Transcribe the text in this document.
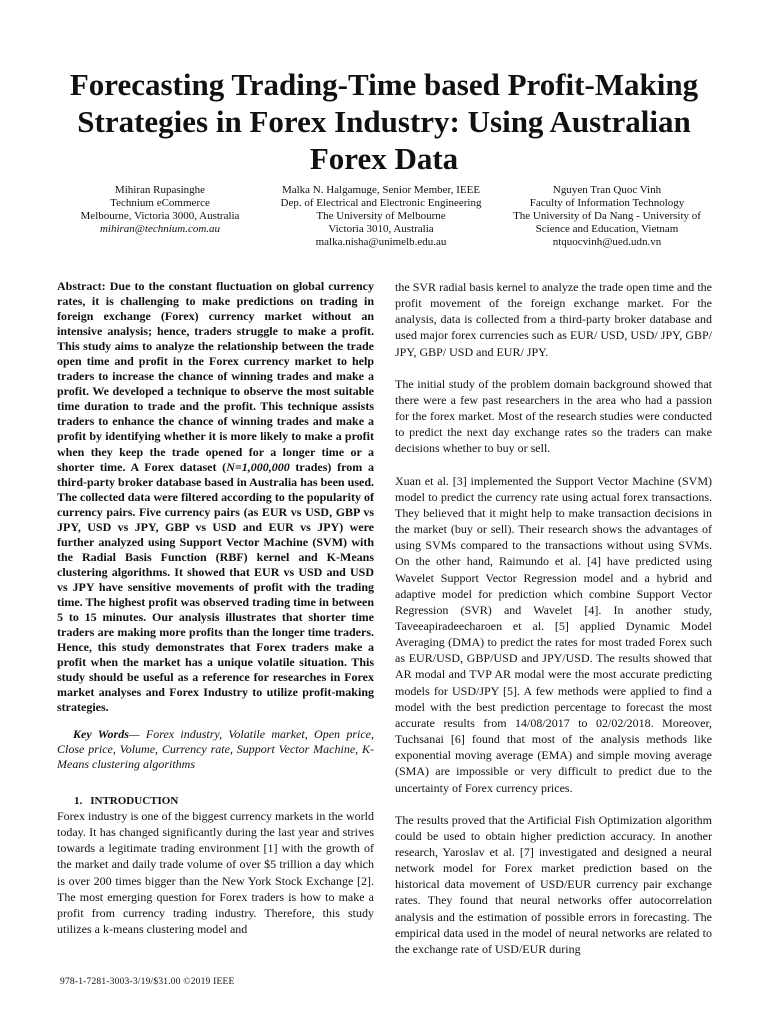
Forecasting Trading-Time based Profit-Making Strategies in Forex Industry: Using Australian Forex Data
Mihiran Rupasinghe
Technium eCommerce
Melbourne, Victoria 3000, Australia
mihiran@technium.com.au
Malka N. Halgamuge, Senior Member, IEEE
Dep. of Electrical and Electronic Engineering
The University of Melbourne
Victoria 3010, Australia
malka.nisha@unimelb.edu.au
Nguyen Tran Quoc Vinh
Faculty of Information Technology
The University of Da Nang - University of Science and Education, Vietnam
ntquocvinh@ued.udn.vn

Abstract: Due to the constant fluctuation on global currency rates, it is challenging to make predictions on trading in foreign exchange (Forex) currency market without an intensive analysis; hence, traders struggle to make a profit. This study aims to analyze the relationship between the trade open time and profit in the Forex currency market to help traders to increase the chance of winning trades and make a profit. We developed a technique to observe the most suitable time duration to trade and the profit. This technique assists traders to enhance the chance of winning trades and make a profit by identifying whether it is more likely to make a profit when they keep the trade opened for a longer time or a shorter time. A Forex dataset (N=1,000,000 trades) from a third-party broker database based in Australia has been used. The collected data were filtered according to the popularity of currency pairs. Five currency pairs (as EUR vs USD, GBP vs JPY, USD vs JPY, GBP vs USD and EUR vs JPY) were further analyzed using Support Vector Machine (SVM) with the Radial Basis Function (RBF) kernel and K-Means clustering algorithms. It showed that EUR vs USD and USD vs JPY have sensitive movements of profit with the trading time. The highest profit was observed trading time in between 5 to 15 minutes. Our analysis illustrates that shorter time traders are making more profits than the longer time traders. Hence, this study demonstrates that Forex traders make a profit when the market has a unique volatile situation. This study should be useful as a reference for researches in Forex market analyses and Forex Industry to utilize profit-making strategies.

Key Words— Forex industry, Volatile market, Open price, Close price, Volume, Currency rate, Support Vector Machine, K-Means clustering algorithms

1. INTRODUCTION

Forex industry is one of the biggest currency markets in the world today. It has changed significantly during the last year and strives towards a legitimate trading environment [1] with the growth of the market and daily trade volume of over $5 trillion a day which is over 200 times bigger than the New York Stock Exchange [2]. The most emerging question for Forex traders is how to make a profit from currency trading industry. Therefore, this study utilizes a k-means clustering model and

the SVR radial basis kernel to analyze the trade open time and the profit movement of the foreign exchange market. For the analysis, data is collected from a third-party broker database and used major forex currencies such as EUR/ USD, USD/ JPY, GBP/ JPY, GBP/ USD and EUR/ JPY.

The initial study of the problem domain background showed that there were a few past researchers in the area who had a passion for the forex market. Most of the research studies were conducted to predict the next day exchange rates so the traders can make decisions whether to buy or sell.

Xuan et al. [3] implemented the Support Vector Machine (SVM) model to predict the currency rate using actual forex transactions. They believed that it might help to make transaction decisions in the market (buy or sell). Their research shows the advantages of using SVMs compared to the transactions without using SVMs. On the other hand, Raimundo et al. [4] have predicted using Wavelet Support Vector Regression model and a hybrid and adaptive model for prediction which combine Support Vector Regression (SVR) and Wavelet [4]. In another study, Taveeapiradeecharoen et al. [5] applied Dynamic Model Averaging (DMA) to predict the rates for most traded Forex such as EUR/USD, GBP/USD and JPY/USD. The results showed that AR modal and TVP AR modal were the most accurate predicting models for USD/JPY [5]. A few methods were applied to find a model with the best prediction percentage to forecast the most accurate results from 14/08/2017 to 02/02/2018. Moreover, Tuchsanai [6] found that most of the analysis methods like exponential moving average (EMA) and simple moving average (SMA) are impossible or very difficult to predict due to the uncertainty of Forex currency prices.

The results proved that the Artificial Fish Optimization algorithm could be used to obtain higher prediction accuracy. In another research, Yaroslav et al. [7] investigated and designed a neural network model for Forex market prediction based on the historical data movement of USD/EUR currency pair exchange rates. They found that neural networks offer autocorrelation analysis and the estimation of possible errors in forecasting. The empirical data used in the model of neural networks are related to the exchange rate of USD/EUR during

978-1-7281-3003-3/19/$31.00 ©2019 IEEE
